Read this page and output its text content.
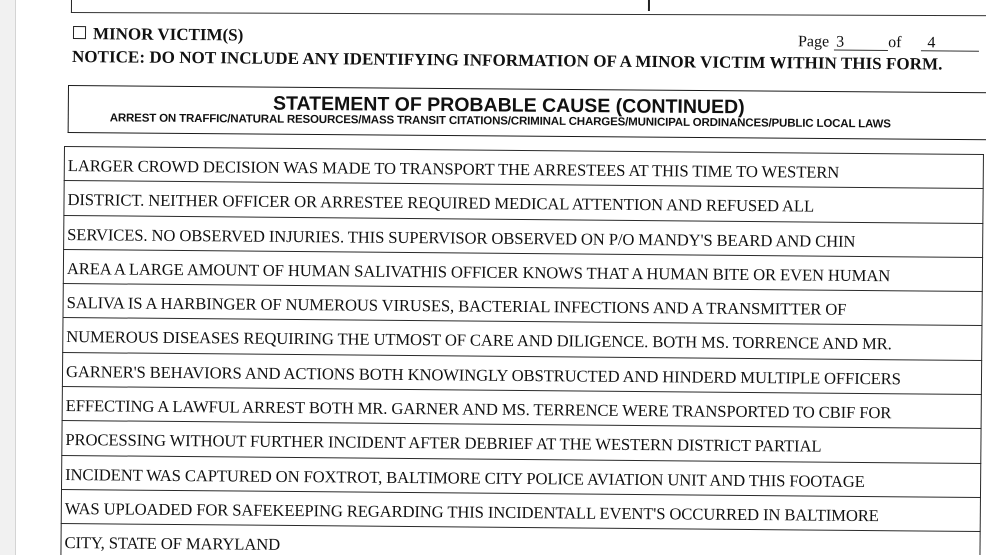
MINOR VICTIM(S)	Page 3	of	4
NOTICE: DO NOT INCLUDE ANY IDENTIFYING INFORMATION OF A MINOR VICTIM WITHIN THIS FORM.
STATEMENT OF PROBABLE CAUSE (CONTINUED)
ARREST ON TRAFFIC/NATURAL RESOURCES/MASS TRANSIT CITATIONS/CRIMINAL CHARGES/MUNICIPAL ORDINANCES/PUBLIC LOCAL LAWS
LARGER CROWD DECISION WAS MADE TO TRANSPORT THE ARRESTEES AT THIS TIME TO WESTERN
DISTRICT. NEITHER OFFICER OR ARRESTEE REQUIRED MEDICAL ATTENTION AND REFUSED ALL
SERVICES. NO OBSERVED INJURIES. THIS SUPERVISOR OBSERVED ON P/O MANDY'S BEARD AND CHIN
AREA A LARGE AMOUNT OF HUMAN SALIVATHIS OFFICER KNOWS THAT A HUMAN BITE OR EVEN HUMAN
SALIVA IS A HARBINGER OF NUMEROUS VIRUSES, BACTERIAL INFECTIONS AND A TRANSMITTER OF
NUMEROUS DISEASES REQUIRING THE UTMOST OF CARE AND DILIGENCE. BOTH MS. TORRENCE AND MR.
GARNER'S BEHAVIORS AND ACTIONS BOTH KNOWINGLY OBSTRUCTED AND HINDERD MULTIPLE OFFICERS
EFFECTING A LAWFUL ARREST BOTH MR. GARNER AND MS. TERRENCE WERE TRANSPORTED TO CBIF FOR
PROCESSING WITHOUT FURTHER INCIDENT AFTER DEBRIEF AT THE WESTERN DISTRICT PARTIAL
INCIDENT WAS CAPTURED ON FOXTROT, BALTIMORE CITY POLICE AVIATION UNIT AND THIS FOOTAGE
WAS UPLOADED FOR SAFEKEEPING REGARDING THIS INCIDENTALL EVENT'S OCCURRED IN BALTIMORE
CITY, STATE OF MARYLAND
